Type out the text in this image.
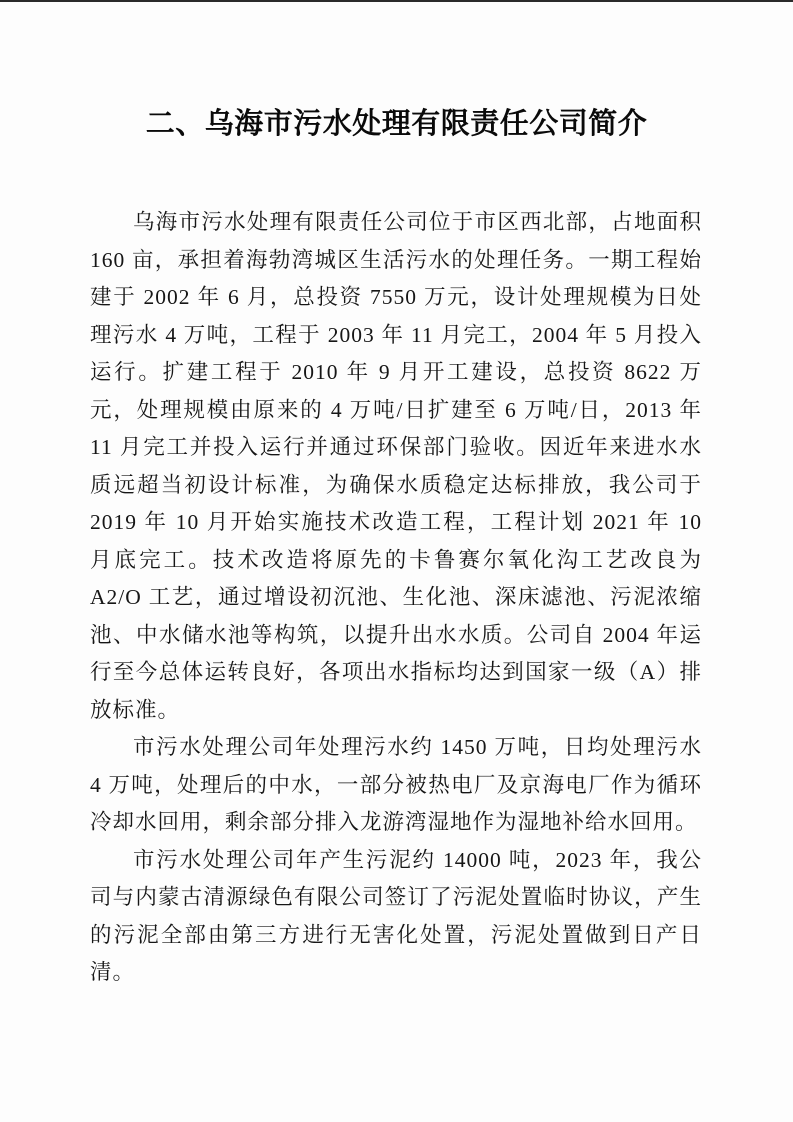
二、乌海市污水处理有限责任公司简介

乌海市污水处理有限责任公司位于市区西北部，占地面积 160 亩，承担着海勃湾城区生活污水的处理任务。一期工程始建于 2002 年 6 月，总投资 7550 万元，设计处理规模为日处理污水 4 万吨，工程于 2003 年 11 月完工，2004 年 5 月投入运行。扩建工程于 2010 年 9 月开工建设，总投资 8622 万元，处理规模由原来的 4 万吨/日扩建至 6 万吨/日，2013 年 11 月完工并投入运行并通过环保部门验收。因近年来进水水质远超当初设计标准，为确保水质稳定达标排放，我公司于 2019 年 10 月开始实施技术改造工程，工程计划 2021 年 10 月底完工。技术改造将原先的卡鲁赛尔氧化沟工艺改良为 A2/O 工艺，通过增设初沉池、生化池、深床滤池、污泥浓缩池、中水储水池等构筑，以提升出水水质。公司自 2004 年运行至今总体运转良好，各项出水指标均达到国家一级（A）排放标准。

市污水处理公司年处理污水约 1450 万吨，日均处理污水 4 万吨，处理后的中水，一部分被热电厂及京海电厂作为循环冷却水回用，剩余部分排入龙游湾湿地作为湿地补给水回用。

市污水处理公司年产生污泥约 14000 吨，2023 年，我公司与内蒙古清源绿色有限公司签订了污泥处置临时协议，产生的污泥全部由第三方进行无害化处置，污泥处置做到日产日清。
